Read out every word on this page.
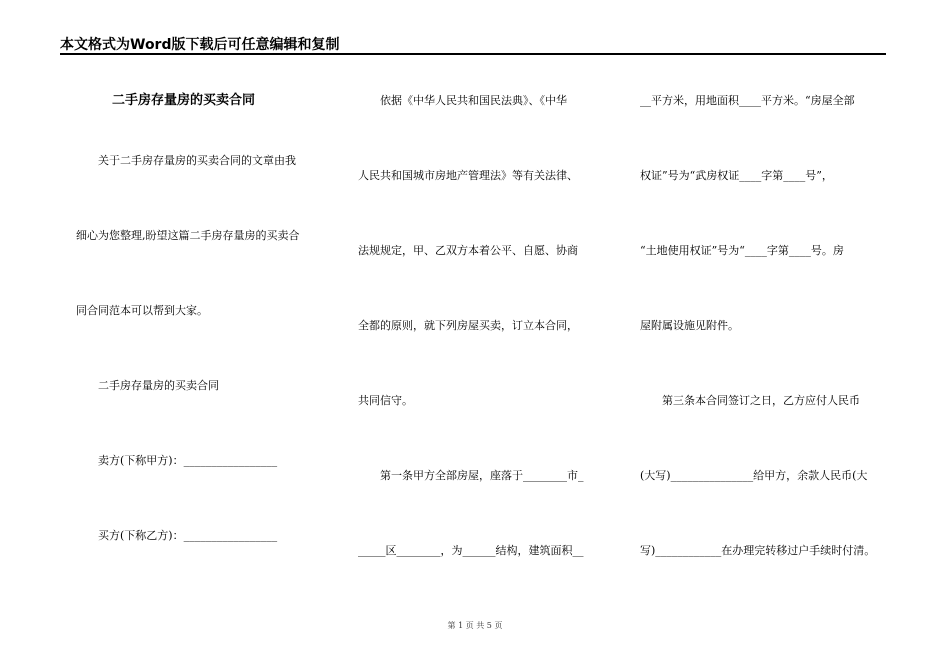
本文格式为Word版下载后可任意编辑和复制
二手房存量房的买卖合同
关于二手房存量房的买卖合同的文章由我
细心为您整理,盼望这篇二手房存量房的买卖合
同合同范本可以帮到大家。
二手房存量房的买卖合同
卖方(下称甲方)：_________________
买方(下称乙方)：_________________
依据《中华人民共和国民法典》、《中华
人民共和国城市房地产管理法》等有关法律、
法规规定，甲、乙双方本着公平、自愿、协商
全都的原则，就下列房屋买卖，订立本合同，
共同信守。
第一条甲方全部房屋，座落于________市_
_____区________，为______结构，建筑面积__
__平方米，用地面积____平方米。“房屋全部
权证”号为“武房权证____字第____号”，
“土地使用权证”号为“____字第____号。房
屋附属设施见附件。
第三条本合同签订之日，乙方应付人民币
(大写)_______________给甲方，余款人民币(大
写)____________在办理完转移过户手续时付清。
第 1 页 共 5 页
